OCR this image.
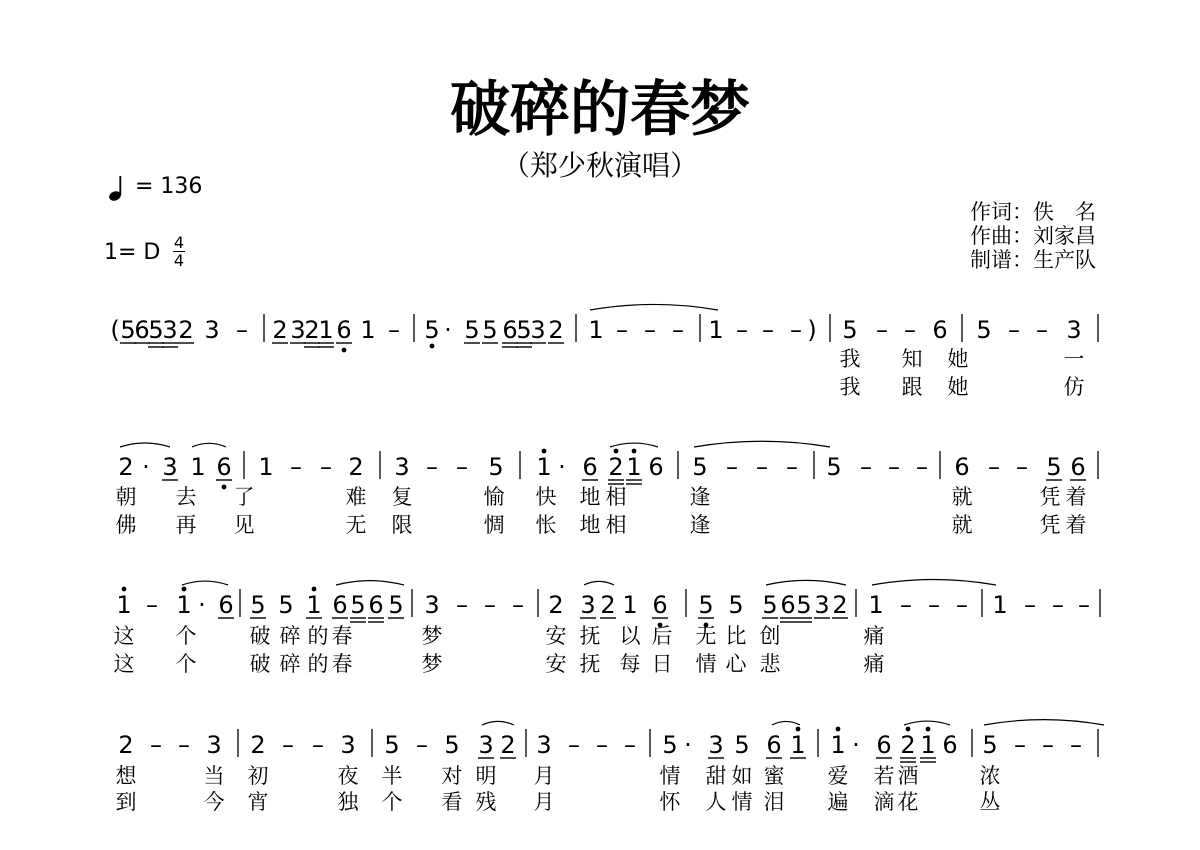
破碎的春梦
（郑少秋演唱）
= 136
1= D 4
4
作词：佚　名
作曲：刘家昌
制谱：生产队
( 5
6
5
3 2 3 – 2 3
2
1 6 1 – 5 · 5 5 6
5
3 2 1 – – – 1 – – – ) 5 – – 6 5 – – 3
我 知 她	一
我 跟 她	仿
2 · 3 1 6 1 – – 2 3 – – 5 1 · 6 2 1 6 5 – – – 5 – – – 6 – – 5 6
朝 去 了	难 复	愉 快 地 相	逢	就	凭 着
佛 再 见	无 限	惆 怅 地 相	逢	就	凭 着
1 – 1 · 6 5 5 1 6 5 6 5 3 – – – 2 3 2 1 6 5 5 5 6 5 3 2 1 – – – 1 – – –
这 个	破 碎 的 春	梦	安 抚 以 后 无 比 创	痛
这 个	破 碎 的 春	梦	安 抚 每 日 情 心 悲	痛
2 – – 3 2 – – 3 5 – 5 3 2 3 – – – 5 · 3 5 6 1 1 · 6 2 1 6 5 – – –
想	当 初	夜 半 对 明 月	情 甜 如 蜜 爱 若 酒	浓
到	今 宵	独 个 看 残 月	怀 人 情 泪 遍 滴 花	丛
